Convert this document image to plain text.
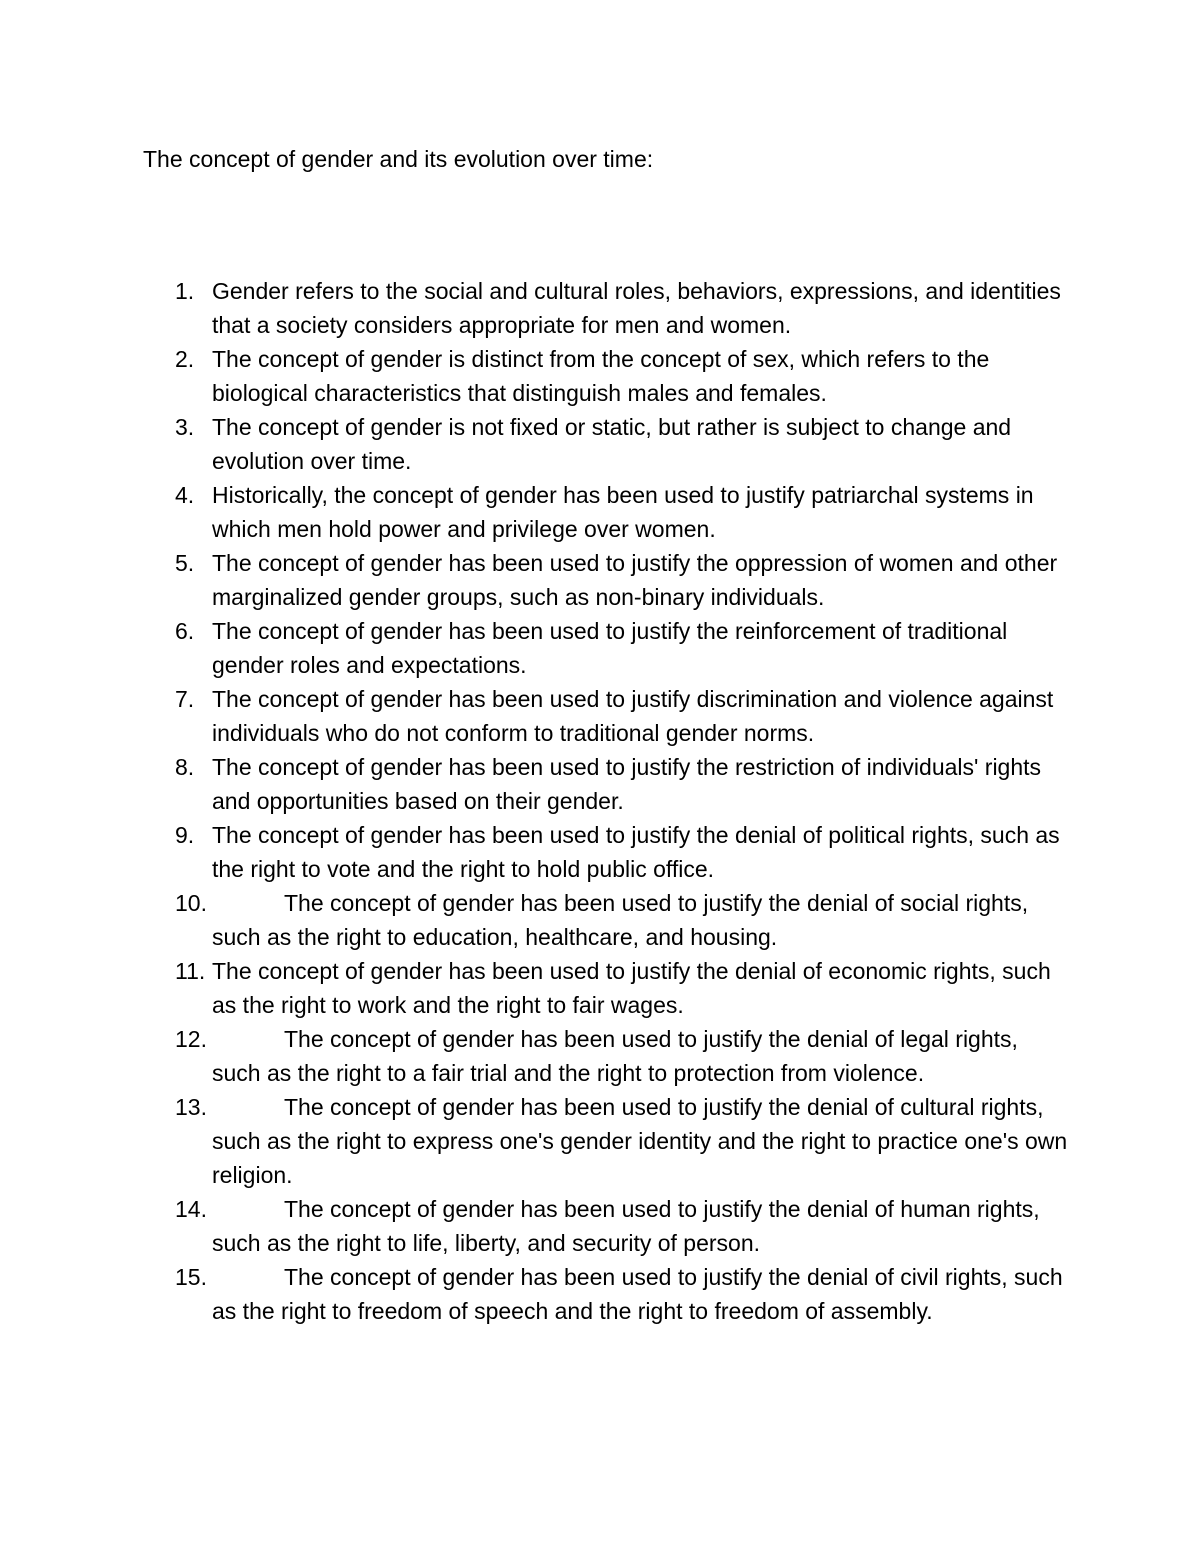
The concept of gender and its evolution over time:
1. Gender refers to the social and cultural roles, behaviors, expressions, and identities that a society considers appropriate for men and women.
2. The concept of gender is distinct from the concept of sex, which refers to the biological characteristics that distinguish males and females.
3. The concept of gender is not fixed or static, but rather is subject to change and evolution over time.
4. Historically, the concept of gender has been used to justify patriarchal systems in which men hold power and privilege over women.
5. The concept of gender has been used to justify the oppression of women and other marginalized gender groups, such as non-binary individuals.
6. The concept of gender has been used to justify the reinforcement of traditional gender roles and expectations.
7. The concept of gender has been used to justify discrimination and violence against individuals who do not conform to traditional gender norms.
8. The concept of gender has been used to justify the restriction of individuals' rights and opportunities based on their gender.
9. The concept of gender has been used to justify the denial of political rights, such as the right to vote and the right to hold public office.
10.	The concept of gender has been used to justify the denial of social rights, such as the right to education, healthcare, and housing.
11. The concept of gender has been used to justify the denial of economic rights, such as the right to work and the right to fair wages.
12.	The concept of gender has been used to justify the denial of legal rights, such as the right to a fair trial and the right to protection from violence.
13.	The concept of gender has been used to justify the denial of cultural rights, such as the right to express one's gender identity and the right to practice one's own religion.
14.	The concept of gender has been used to justify the denial of human rights, such as the right to life, liberty, and security of person.
15.	The concept of gender has been used to justify the denial of civil rights, such as the right to freedom of speech and the right to freedom of assembly.
